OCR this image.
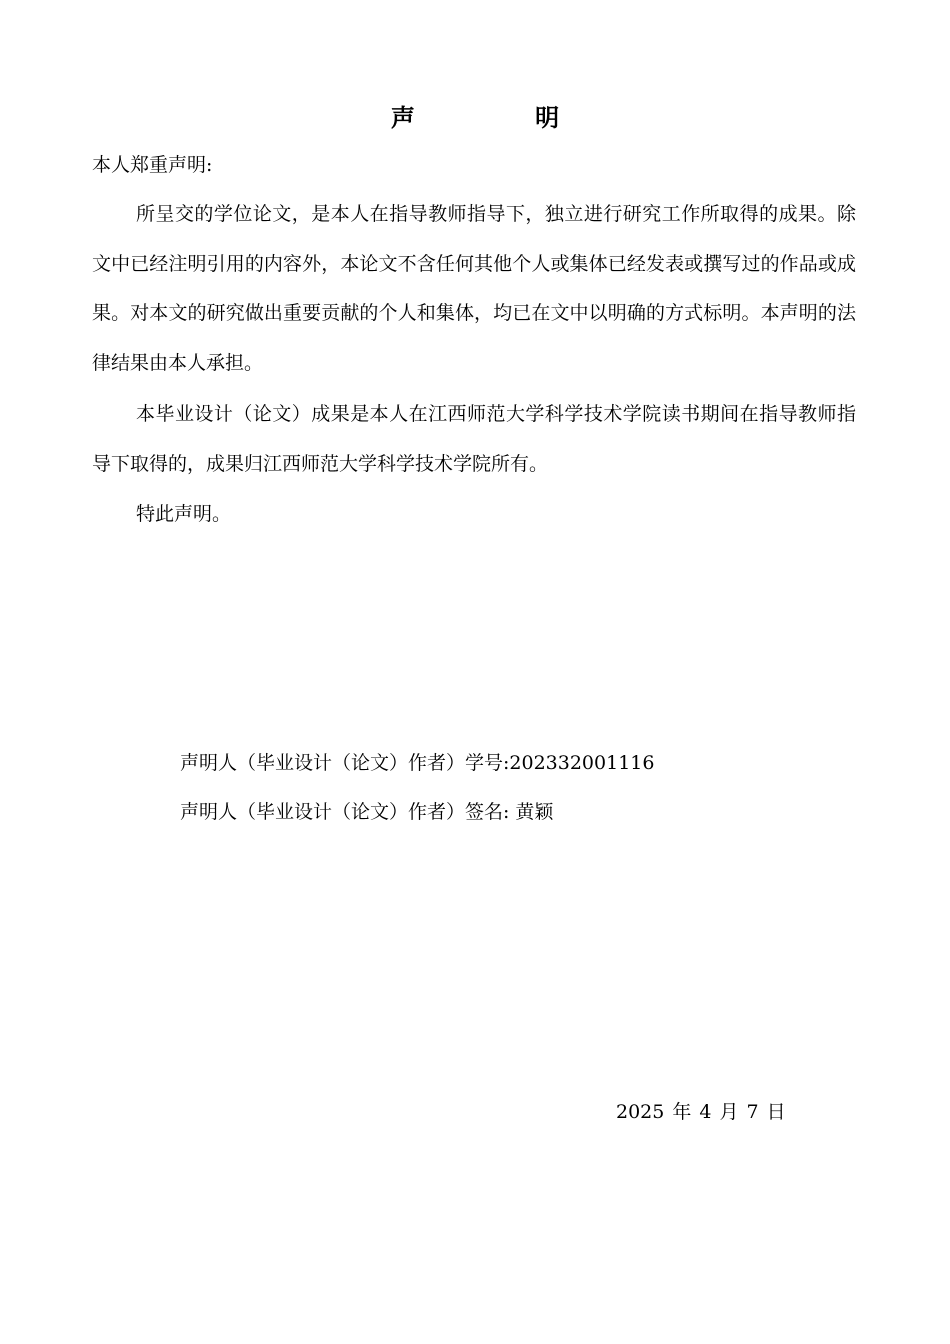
声 明
本人郑重声明:
所呈交的学位论文，是本人在指导教师指导下，独立进行研究工作所取得的成果。除文中已经注明引用的内容外，本论文不含任何其他个人或集体已经发表或撰写过的作品或成果。对本文的研究做出重要贡献的个人和集体，均已在文中以明确的方式标明。本声明的法律结果由本人承担。
本毕业设计（论文）成果是本人在江西师范大学科学技术学院读书期间在指导教师指导下取得的，成果归江西师范大学科学技术学院所有。
特此声明。
声明人（毕业设计（论文）作者）学号:202332001116
声明人（毕业设计（论文）作者）签名: 黄颖
2025 年 4 月 7 日
